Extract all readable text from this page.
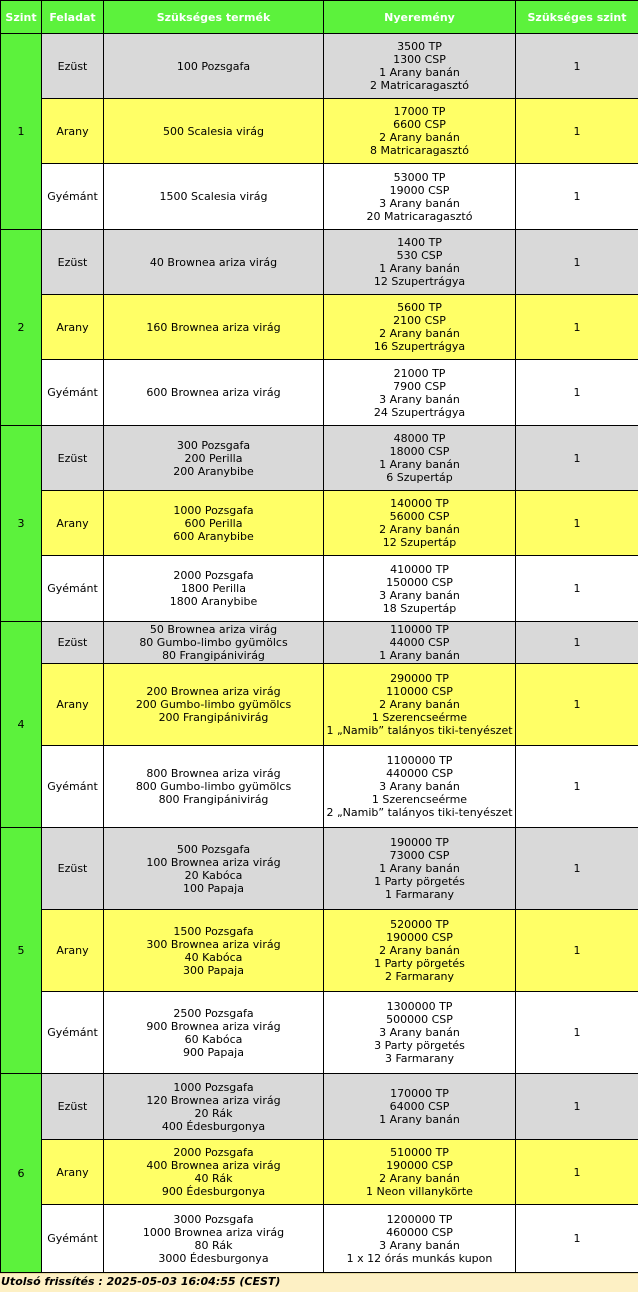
Szint	Feladat	Szükséges termék	Nyeremény	Szükséges szint
1	Ezüst	100 Pozsgafa	3500 TP
1300 CSP
1 Arany banán
2 Matricaragasztó	1
	Arany	500 Scalesia virág	17000 TP
6600 CSP
2 Arany banán
8 Matricaragasztó	1
	Gyémánt	1500 Scalesia virág	53000 TP
19000 CSP
3 Arany banán
20 Matricaragasztó	1
2	Ezüst	40 Brownea ariza virág	1400 TP
530 CSP
1 Arany banán
12 Szupertrágya	1
	Arany	160 Brownea ariza virág	5600 TP
2100 CSP
2 Arany banán
16 Szupertrágya	1
	Gyémánt	600 Brownea ariza virág	21000 TP
7900 CSP
3 Arany banán
24 Szupertrágya	1
3	Ezüst	300 Pozsgafa
200 Perilla
200 Aranybibe	48000 TP
18000 CSP
1 Arany banán
6 Szupertáp	1
	Arany	1000 Pozsgafa
600 Perilla
600 Aranybibe	140000 TP
56000 CSP
2 Arany banán
12 Szupertáp	1
	Gyémánt	2000 Pozsgafa
1800 Perilla
1800 Aranybibe	410000 TP
150000 CSP
3 Arany banán
18 Szupertáp	1
4	Ezüst	50 Brownea ariza virág
80 Gumbo-limbo gyümölcs
80 Frangipánivirág	110000 TP
44000 CSP
1 Arany banán	1
	Arany	200 Brownea ariza virág
200 Gumbo-limbo gyümölcs
200 Frangipánivirág	290000 TP
110000 CSP
2 Arany banán
1 Szerencseérme
1 „Namib” talányos tiki-tenyészet	1
	Gyémánt	800 Brownea ariza virág
800 Gumbo-limbo gyümölcs
800 Frangipánivirág	1100000 TP
440000 CSP
3 Arany banán
1 Szerencseérme
2 „Namib” talányos tiki-tenyészet	1
5	Ezüst	500 Pozsgafa
100 Brownea ariza virág
20 Kabóca
100 Papaja	190000 TP
73000 CSP
1 Arany banán
1 Party pörgetés
1 Farmarany	1
	Arany	1500 Pozsgafa
300 Brownea ariza virág
40 Kabóca
300 Papaja	520000 TP
190000 CSP
2 Arany banán
1 Party pörgetés
2 Farmarany	1
	Gyémánt	2500 Pozsgafa
900 Brownea ariza virág
60 Kabóca
900 Papaja	1300000 TP
500000 CSP
3 Arany banán
3 Party pörgetés
3 Farmarany	1
6	Ezüst	1000 Pozsgafa
120 Brownea ariza virág
20 Rák
400 Édesburgonya	170000 TP
64000 CSP
1 Arany banán	1
	Arany	2000 Pozsgafa
400 Brownea ariza virág
40 Rák
900 Édesburgonya	510000 TP
190000 CSP
2 Arany banán
1 Neon villanykörte	1
	Gyémánt	3000 Pozsgafa
1000 Brownea ariza virág
80 Rák
3000 Édesburgonya	1200000 TP
460000 CSP
3 Arany banán
1 x 12 órás munkás kupon	1
Utolsó frissítés : 2025-05-03 16:04:55 (CEST)
